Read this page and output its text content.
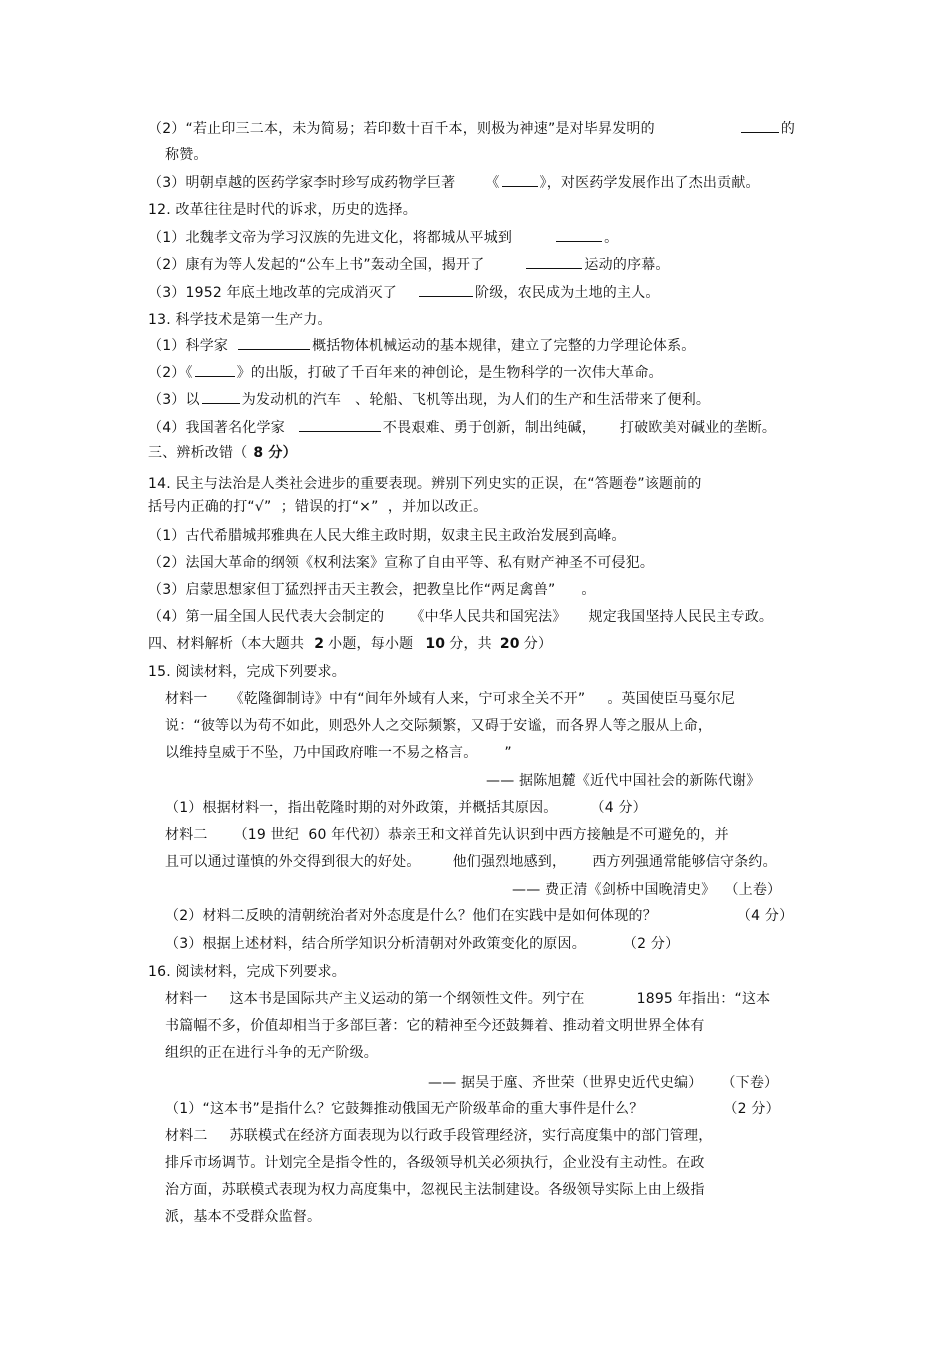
（2）“若止印三二本，未为简易；若印数十百千本，则极为神速”是对毕昇发明的	的
称赞。
（3）明朝卓越的医药学家李时珍写成药物学巨著 《	》，对医药学发展作出了杰出贡献。
12. 改革往往是时代的诉求，历史的选择。
（1）北魏孝文帝为学习汉族的先进文化，将都城从平城到	。
（2）康有为等人发起的“公车上书”轰动全国，揭开了	运动的序幕。
（3）1952 年底土地改革的完成消灭了	阶级，农民成为土地的主人。
13. 科学技术是第一生产力。
（1）科学家	概括物体机械运动的基本规律，建立了完整的力学理论体系。
（2）《	》的出版，打破了千百年来的神创论，是生物科学的一次伟大革命。
（3）以	为发动机的汽车 、轮船、飞机等出现，为人们的生产和生活带来了便利。
（4）我国著名化学家	不畏艰难、勇于创新，制出纯碱， 打破欧美对碱业的垄断。
三、辨析改错（ 8 分）
14. 民主与法治是人类社会进步的重要表现。辨别下列史实的正误，在“答题卷”该题前的
括号内正确的打“√”  ；错误的打“×”  ，并加以改正。
（1）古代希腊城邦雅典在人民大维主政时期，奴隶主民主政治发展到高峰。
（2）法国大革命的纲领《权利法案》宣称了自由平等、私有财产神圣不可侵犯。
（3）启蒙思想家但丁猛烈抨击天主教会，把教皇比作“两足禽兽” 。
（4）第一届全国人民代表大会制定的 《中华人民共和国宪法》 规定我国坚持人民民主专政。
四、材料解析（本大题共 2 小题，每小题 10 分，共 20 分）
15. 阅读材料，完成下列要求。
材料一 《乾隆御制诗》中有“间年外域有人来，宁可求全关不开” 。英国使臣马戛尔尼
说：“彼等以为苟不如此，则恐外人之交际频繁，又碍于安谧，而各界人等之服从上命，
以维持皇威于不坠，乃中国政府唯一不易之格言。 ”
—— 据陈旭麓《近代中国社会的新陈代谢》
（1）根据材料一，指出乾隆时期的对外政策，并概括其原因。	（4 分）
材料二 （19 世纪  60 年代初）恭亲王和文祥首先认识到中西方接触是不可避免的，并
且可以通过谨慎的外交得到很大的好处。 他们强烈地感到， 西方列强通常能够信守条约。
—— 费正清《剑桥中国晚清史》 （上卷）
（2）材料二反映的清朝统治者对外态度是什么？他们在实践中是如何体现的？	（4 分）
（3）根据上述材料，结合所学知识分析清朝对外政策变化的原因。	（2 分）
16. 阅读材料，完成下列要求。
材料一 这本书是国际共产主义运动的第一个纲领性文件。列宁在	1895 年指出：“这本
书篇幅不多，价值却相当于多部巨著：它的精神至今还鼓舞着、推动着文明世界全体有
组织的正在进行斗争的无产阶级。
—— 据吴于廑、齐世荣（世界史近代史编） （下卷）
（1）“这本书”是指什么？它鼓舞推动俄国无产阶级革命的重大事件是什么？	（2 分）
材料二 苏联模式在经济方面表现为以行政手段管理经济，实行高度集中的部门管理，
排斥市场调节。计划完全是指令性的，各级领导机关必须执行，企业没有主动性。在政
治方面，苏联模式表现为权力高度集中，忽视民主法制建设。各级领导实际上由上级指
派，基本不受群众监督。
